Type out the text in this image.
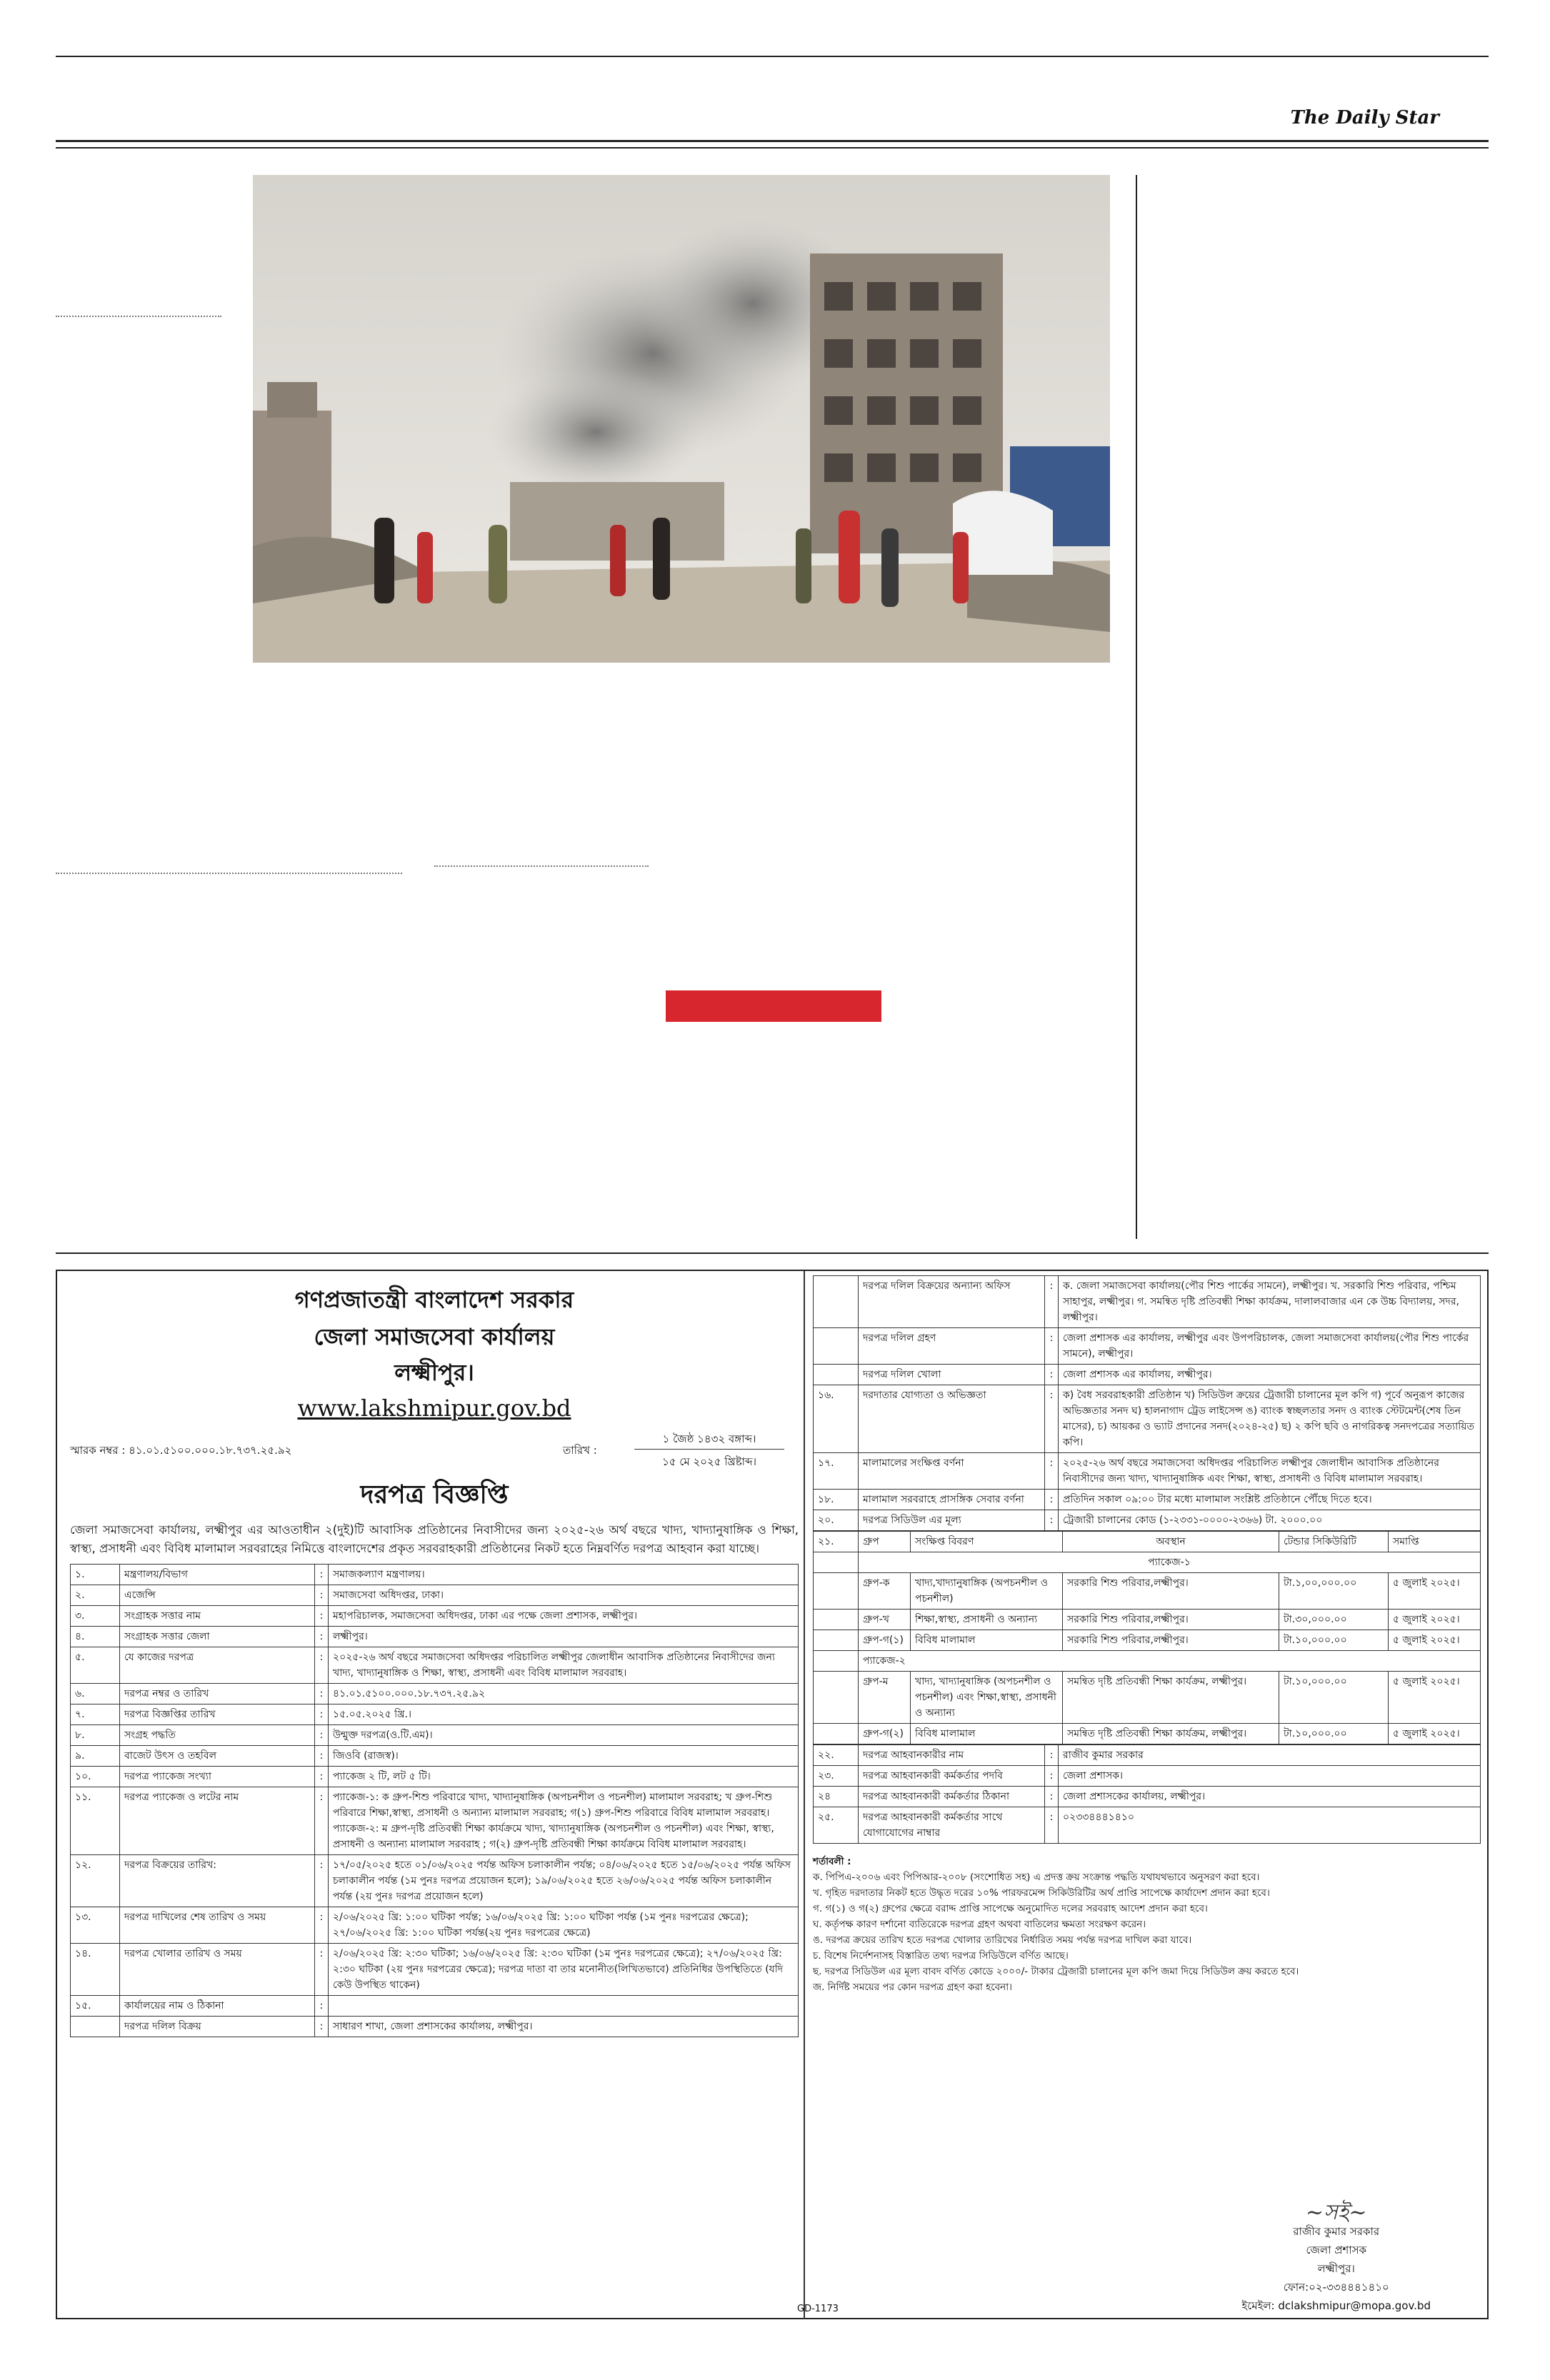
The Daily Star
গণপ্রজাতন্ত্রী বাংলাদেশ সরকার
জেলা সমাজসেবা কার্যালয়
লক্ষ্মীপুর।
www.lakshmipur.gov.bd
স্মারক নম্বর : ৪১.০১.৫১০০.০০০.১৮.৭৩৭.২৫.৯২	তারিখ :
১ জৈষ্ঠ ১৪৩২ বঙ্গাব্দ।
১৫ মে ২০২৫ খ্রিষ্টাব্দ।
দরপত্র বিজ্ঞপ্তি
জেলা সমাজসেবা কার্যালয়, লক্ষ্মীপুর এর আওতাধীন ২(দুই)টি আবাসিক প্রতিষ্ঠানের নিবাসীদের জন্য ২০২৫-২৬ অর্থ বছরে খাদ্য, খাদ্যানুষাঙ্গিক ও শিক্ষা, স্বাস্থ্য, প্রসাধনী এবং বিবিধ মালামাল সরবরাহের নিমিত্তে বাংলাদেশের প্রকৃত সরবরাহকারী প্রতিষ্ঠানের নিকট হতে নিম্নবর্ণিত দরপত্র আহবান করা যাচ্ছে।
১.	মন্ত্রণালয়/বিভাগ	:	সমাজকল্যাণ মন্ত্রণালয়।
২.	এজেন্সি	:	সমাজসেবা অধিদপ্তর, ঢাকা।
৩.	সংগ্রাহক সত্তার নাম	:	মহাপরিচালক, সমাজসেবা অধিদপ্তর, ঢাকা এর পক্ষে জেলা প্রশাসক, লক্ষ্মীপুর।
৪.	সংগ্রাহক সত্তার জেলা	:	লক্ষ্মীপুর।
৫.	যে কাজের দরপত্র	:	২০২৫-২৬ অর্থ বছরে সমাজসেবা অধিদপ্তর পরিচালিত লক্ষ্মীপুর জেলাধীন আবাসিক প্রতিষ্ঠানের নিবাসীদের জন্য খাদ্য, খাদ্যানুষাঙ্গিক ও শিক্ষা, স্বাস্থ্য, প্রসাধনী এবং বিবিধ মালামাল সরবরাহ।
৬.	দরপত্র নম্বর ও তারিখ	:	৪১.০১.৫১০০.০০০.১৮.৭৩৭.২৫.৯২
৭.	দরপত্র বিজ্ঞপ্তির তারিখ	:	১৫.০৫.২০২৫ খ্রি.।
৮.	সংগ্রহ পদ্ধতি	:	উন্মুক্ত দরপত্র(ও.টি.এম)।
৯.	বাজেট উৎস ও তহবিল	:	জিওবি (রাজস্ব)।
১০.	দরপত্র প্যাকেজ সংখ্যা	:	প্যাকেজ ২ টি, লট ৫ টি।
১১.	দরপত্র প্যাকেজ ও লটের নাম	:	প্যাকেজ-১: ক গ্রুপ-শিশু পরিবারে খাদ্য, খাদ্যানুষাঙ্গিক (অপচনশীল ও পচনশীল) মালামাল সরবরাহ; খ গ্রুপ-শিশু পরিবারে শিক্ষা,স্বাস্থ্য, প্রসাধনী ও অন্যান্য মালামাল সরবরাহ; গ(১) গ্রুপ-শিশু পরিবারে বিবিধ মালামাল সরবরাহ। প্যাকেজ-২: ম গ্রুপ-দৃষ্টি প্রতিবন্ধী শিক্ষা কার্যক্রমে খাদ্য, খাদ্যানুষাঙ্গিক (অপচনশীল ও পচনশীল) এবং শিক্ষা, স্বাস্থ্য, প্রসাধনী ও অন্যান্য মালামাল সরবরাহ ; গ(২) গ্রুপ-দৃষ্টি প্রতিবন্ধী শিক্ষা কার্যক্রমে বিবিধ মালামাল সরবরাহ।
১২.	দরপত্র বিক্রয়ের তারিখ:	:	১৭/০৫/২০২৫ হতে ০১/০৬/২০২৫ পর্যন্ত অফিস চলাকালীন পর্যন্ত; ০৪/০৬/২০২৫ হতে ১৫/০৬/২০২৫ পর্যন্ত অফিস চলাকালীন পর্যন্ত (১ম পুনঃ দরপত্র প্রয়োজন হলে); ১৯/০৬/২০২৫ হতে ২৬/০৬/২০২৫ পর্যন্ত অফিস চলাকালীন পর্যন্ত (২য় পুনঃ দরপত্র প্রয়োজন হলে)
১৩.	দরপত্র দাখিলের শেষ তারিখ ও সময়	:	২/০৬/২০২৫ খ্রি: ১:০০ ঘটিকা পর্যন্ত; ১৬/০৬/২০২৫ খ্রি: ১:০০ ঘটিকা পর্যন্ত (১ম পুনঃ দরপত্রের ক্ষেত্রে); ২৭/০৬/২০২৫ খ্রি: ১:০০ ঘটিকা পর্যন্ত(২য় পুনঃ দরপত্রের ক্ষেত্রে)
১৪.	দরপত্র খোলার তারিখ ও সময়	:	২/০৬/২০২৫ খ্রি: ২:৩০ ঘটিকা; ১৬/০৬/২০২৫ খ্রি: ২:৩০ ঘটিকা (১ম পুনঃ দরপত্রের ক্ষেত্রে); ২৭/০৬/২০২৫ খ্রি: ২:৩০ ঘটিকা (২য় পুনঃ দরপত্রের ক্ষেত্রে); দরপত্র দাতা বা তার মনোনীত(লিখিতভাবে) প্রতিনিধির উপস্থিতিতে (যদি কেউ উপস্থিত থাকেন)
১৫.	কার্যালয়ের নাম ও ঠিকানা	:	
	দরপত্র দলিল বিক্রয়	:	সাধারণ শাখা, জেলা প্রশাসকের কার্যালয়, লক্ষ্মীপুর।
	দরপত্র দলিল বিক্রয়ের অন্যান্য অফিস	:	ক. জেলা সমাজসেবা কার্যালয়(পৌর শিশু পার্কের সামনে), লক্ষ্মীপুর। খ. সরকারি শিশু পরিবার, পশ্চিম সাহাপুর, লক্ষ্মীপুর। গ. সমন্বিত দৃষ্টি প্রতিবন্ধী শিক্ষা কার্যক্রম, দালালবাজার এন কে উচ্চ বিদ্যালয়, সদর, লক্ষ্মীপুর।
	দরপত্র দলিল গ্রহণ	:	জেলা প্রশাসক এর কার্যালয়, লক্ষ্মীপুর এবং উপপরিচালক, জেলা সমাজসেবা কার্যালয়(পৌর শিশু পার্কের সামনে), লক্ষ্মীপুর।
	দরপত্র দলিল খোলা	:	জেলা প্রশাসক এর কার্যালয়, লক্ষ্মীপুর।
১৬.	দরদাতার যোগ্যতা ও অভিজ্ঞতা	:	ক) বৈধ সরবরাহকারী প্রতিষ্ঠান খ) সিডিউল ক্রয়ের ট্রেজারী চালানের মূল কপি গ) পূর্বে অনুরূপ কাজের অভিজ্ঞতার সনদ ঘ) হালনাগাদ ট্রেড লাইসেন্স ঙ) ব্যাংক স্বচ্ছলতার সনদ ও ব্যাংক স্টেটমেন্ট(শেষ তিন মাসের), চ) আয়কর ও ভ্যাট প্রদানের সনদ(২০২৪-২৫) ছ) ২ কপি ছবি ও নাগরিকত্ব সনদপত্রের সত্যায়িত কপি।
১৭.	মালামালের সংক্ষিপ্ত বর্ণনা	:	২০২৫-২৬ অর্থ বছরে সমাজসেবা অধিদপ্তর পরিচালিত লক্ষ্মীপুর জেলাধীন আবাসিক প্রতিষ্ঠানের নিবাসীদের জন্য খাদ্য, খাদ্যানুষাঙ্গিক এবং শিক্ষা, স্বাস্থ্য, প্রসাধনী ও বিবিধ মালামাল সরবরাহ।
১৮.	মালামাল সরবরাহে প্রাসঙ্গিক সেবার বর্ণনা	:	প্রতিদিন সকাল ০৯:০০ টার মধ্যে মালামাল সংশ্লিষ্ট প্রতিষ্ঠানে পৌঁছে দিতে হবে।
২০.	দরপত্র সিডিউল এর মূল্য	:	ট্রেজারী চালানের কোড (১-২৩৩১-০০০০-২৩৬৬) টা. ২০০০.০০
২১.	গ্রুপ	সংক্ষিপ্ত বিবরণ	অবস্থান	টেন্ডার সিকিউরিটি	সমাপ্তি
	প্যাকেজ-১				
	গ্রুপ-ক	খাদ্য,খাদ্যানুষাঙ্গিক (অপচনশীল ও পচনশীল)	সরকারি শিশু পরিবার,লক্ষ্মীপুর।	টা.১,০০,০০০.০০	৫ জুলাই ২০২৫।
	গ্রুপ-খ	শিক্ষা,স্বাস্থ্য, প্রসাধনী ও অন্যান্য	সরকারি শিশু পরিবার,লক্ষ্মীপুর।	টা.৩০,০০০.০০	৫ জুলাই ২০২৫।
	গ্রুপ-গ(১)	বিবিধ মালামাল	সরকারি শিশু পরিবার,লক্ষ্মীপুর।	টা.১০,০০০.০০	৫ জুলাই ২০২৫।
	প্যাকেজ-২				
	গ্রুপ-ম	খাদ্য, খাদ্যানুষাঙ্গিক (অপচনশীল ও পচনশীল) এবং শিক্ষা,স্বাস্থ্য, প্রসাধনী ও অন্যান্য	সমন্বিত দৃষ্টি প্রতিবন্ধী শিক্ষা কার্যক্রম, লক্ষ্মীপুর।	টা.১০,০০০.০০	৫ জুলাই ২০২৫।
	গ্রুপ-গ(২)	বিবিধ মালামাল	সমন্বিত দৃষ্টি প্রতিবন্ধী শিক্ষা কার্যক্রম, লক্ষ্মীপুর।	টা.১০,০০০.০০	৫ জুলাই ২০২৫।
২২.	দরপত্র আহবানকারীর নাম	:	রাজীব কুমার সরকার
২৩.	দরপত্র আহবানকারী কর্মকর্তার পদবি	:	জেলা প্রশাসক।
২৪	দরপত্র আহবানকারী কর্মকর্তার ঠিকানা	:	জেলা প্রশাসকের কার্যালয়, লক্ষ্মীপুর।
২৫.	দরপত্র আহবানকারী কর্মকর্তার সাথে যোগাযোগের নাম্বার	:	০২৩৩৪৪৪১৪১০
শর্তাবলী :
ক. পিপিএ-২০০৬ এবং পিপিআর-২০০৮ (সংশোধিত সহ) এ প্রদত্ত ক্রয় সংক্রান্ত পদ্ধতি যথাযথভাবে অনুসরণ করা হবে।
খ. গৃহিত দরদাতার নিকট হতে উদ্ধৃত দরের ১০% পারফরমেন্স সিকিউরিটির অর্থ প্রাপ্তি সাপেক্ষে কার্যাদেশ প্রদান করা হবে।
গ. গ(১) ও গ(২) গ্রুপের ক্ষেত্রে বরাদ্দ প্রাপ্তি সাপেক্ষে অনুমোদিত দলের সরবরাহ আদেশ প্রদান করা হবে।
ঘ. কর্তৃপক্ষ কারণ দর্শানো ব্যতিরেকে দরপত্র গ্রহণ অথবা বাতিলের ক্ষমতা সংরক্ষণ করেন।
ঙ. দরপত্র ক্রয়ের তারিখ হতে দরপত্র খোলার তারিখের নির্ধারিত সময় পর্যন্ত দরপত্র দাখিল করা যাবে।
চ. বিশেষ নির্দেশনাসহ বিস্তারিত তথ্য দরপত্র সিডিউলে বর্ণিত আছে।
ছ. দরপত্র সিডিউল এর মূল্য বাবদ বর্ণিত কোডে ২০০০/- টাকার ট্রেজারী চালানের মূল কপি জমা দিয়ে সিডিউল ক্রয় করতে হবে।
জ. নির্দিষ্ট সময়ের পর কোন দরপত্র গ্রহণ করা হবেনা।
~সই~
রাজীব কুমার সরকার
জেলা প্রশাসক
লক্ষ্মীপুর।
ফোন:০২-৩৩৪৪৪১৪১০
ইমেইল: dclakshmipur@mopa.gov.bd
GD-1173
